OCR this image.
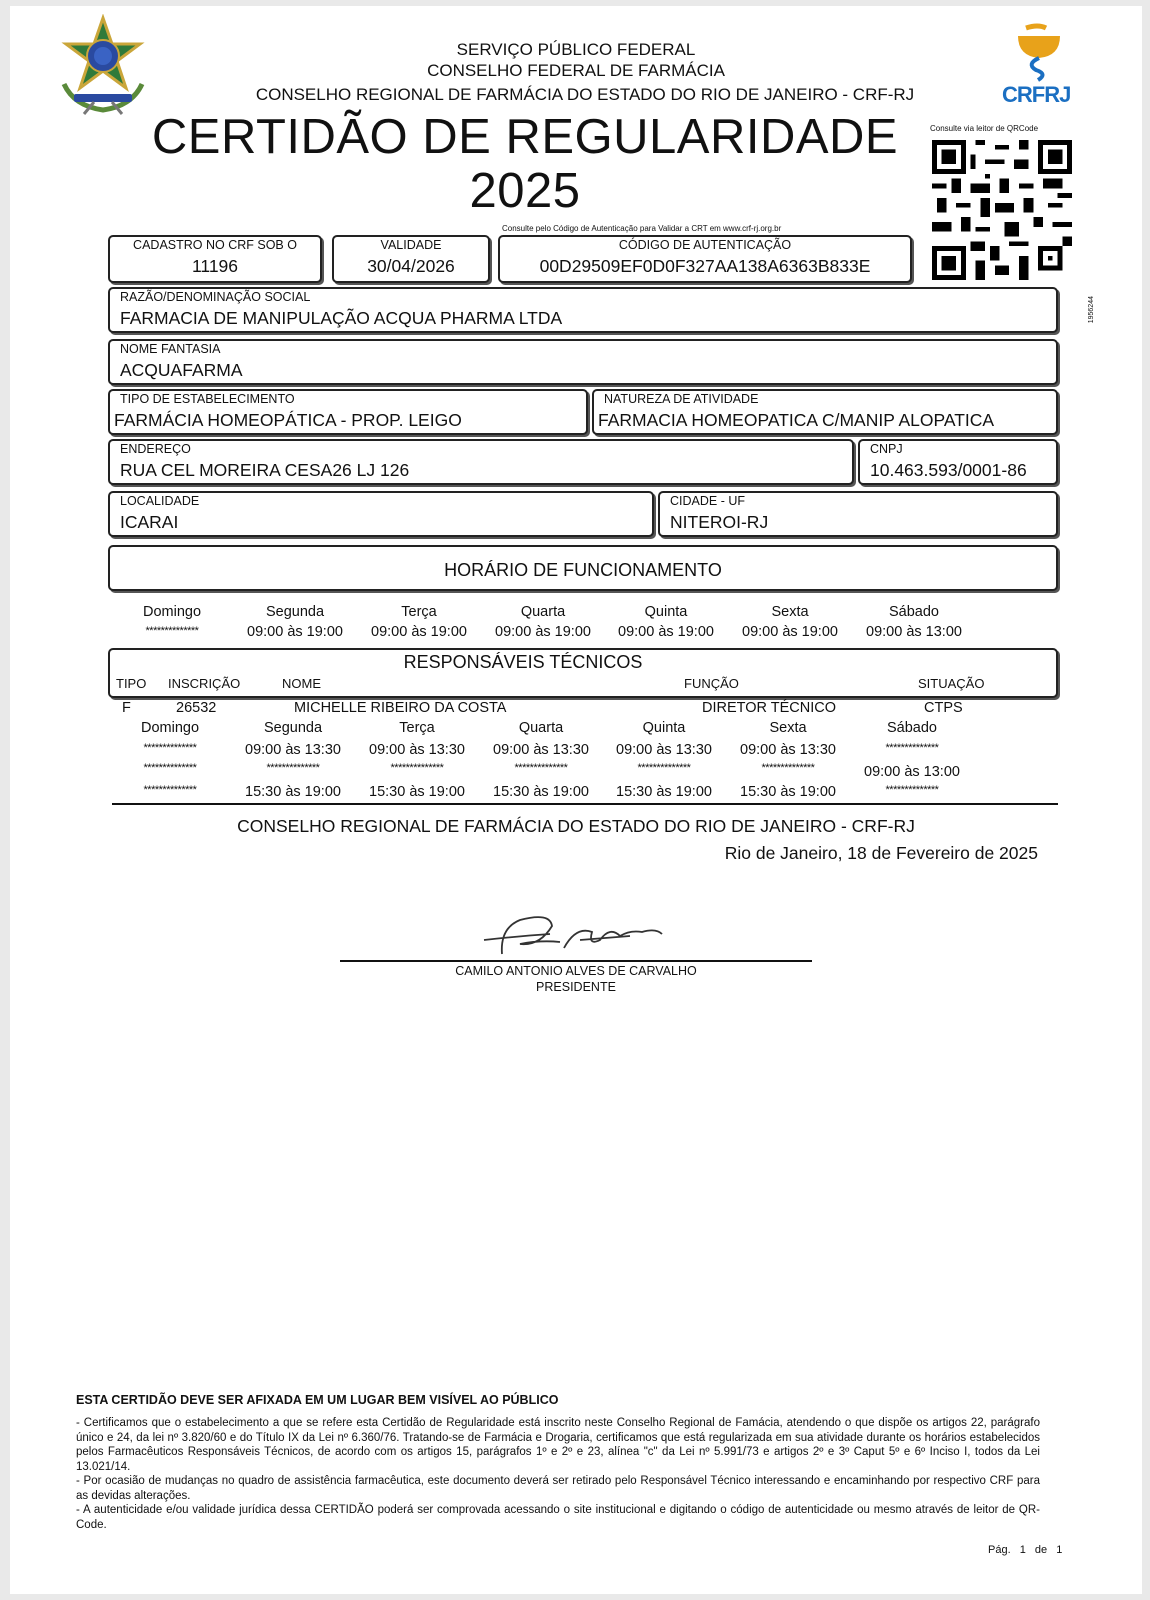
CRFRJ
SERVIÇO PÚBLICO FEDERAL
CONSELHO FEDERAL DE FARMÁCIA
CONSELHO REGIONAL DE FARMÁCIA DO ESTADO DO RIO DE JANEIRO - CRF-RJ
CERTIDÃO DE REGULARIDADE
2025
Consulte via leitor de QRCode
Consulte pelo Código de Autenticação para Validar a CRT em www.crf-rj.org.br
1956244
CADASTRO NO CRF SOB O
11196
VALIDADE
30/04/2026
CÓDIGO DE AUTENTICAÇÃO
00D29509EF0D0F327AA138A6363B833E
RAZÃO/DENOMINAÇÃO SOCIAL
FARMACIA DE MANIPULAÇÃO ACQUA PHARMA LTDA
NOME FANTASIA
ACQUAFARMA
TIPO DE ESTABELECIMENTO
FARMÁCIA HOMEOPÁTICA - PROP. LEIGO
NATUREZA DE ATIVIDADE
FARMACIA HOMEOPATICA C/MANIP ALOPATICA
ENDEREÇO
RUA CEL MOREIRA CESA26 LJ 126
CNPJ
10.463.593/0001-86
LOCALIDADE
ICARAI
CIDADE - UF
NITEROI-RJ
HORÁRIO DE FUNCIONAMENTO
Domingo	Segunda	Terça	Quarta	Quinta	Sexta	Sábado
**************	09:00 às 19:00	09:00 às 19:00	09:00 às 19:00	09:00 às 19:00	09:00 às 19:00	09:00 às 13:00
RESPONSÁVEIS TÉCNICOS
TIPO INSCRIÇÃO	NOME	FUNÇÃO	SITUAÇÃO
F	26532	MICHELLE RIBEIRO DA COSTA	DIRETOR TÉCNICO	CTPS
Domingo	Segunda	Terça	Quarta	Quinta	Sexta	Sábado
**************	09:00 às 13:30	09:00 às 13:30	09:00 às 13:30	09:00 às 13:30	09:00 às 13:30	**************
**************	**************	**************	**************	**************	**************	09:00 às 13:00
**************	15:30 às 19:00	15:30 às 19:00	15:30 às 19:00	15:30 às 19:00	15:30 às 19:00	**************
CONSELHO REGIONAL DE FARMÁCIA DO ESTADO DO RIO DE JANEIRO - CRF-RJ
Rio de Janeiro, 18 de Fevereiro de 2025
CAMILO ANTONIO ALVES DE CARVALHO
PRESIDENTE
ESTA CERTIDÃO DEVE SER AFIXADA EM UM LUGAR BEM VISÍVEL AO PÚBLICO
- Certificamos que o estabelecimento a que se refere esta Certidão de Regularidade está inscrito neste Conselho Regional de Famácia, atendendo o que dispõe os artigos 22, parágrafo único e 24, da lei nº 3.820/60 e do Título IX da Lei nº 6.360/76. Tratando-se de Farmácia e Drogaria, certificamos que está regularizada em sua atividade durante os horários estabelecidos pelos Farmacêuticos Responsáveis Técnicos, de acordo com os artigos 15, parágrafos 1º e 2º e 23, alínea "c" da Lei nº 5.991/73 e artigos 2º e 3º Caput 5º e 6º Inciso I, todos da Lei 13.021/14.
- Por ocasião de mudanças no quadro de assistência farmacêutica, este documento deverá ser retirado pelo Responsável Técnico interessando e encaminhando por respectivo CRF para as devidas alterações.
- A autenticidade e/ou validade jurídica dessa CERTIDÃO poderá ser comprovada acessando o site institucional e digitando o código de autenticidade ou mesmo através de leitor de QR-Code.
Pág. 1 de 1
